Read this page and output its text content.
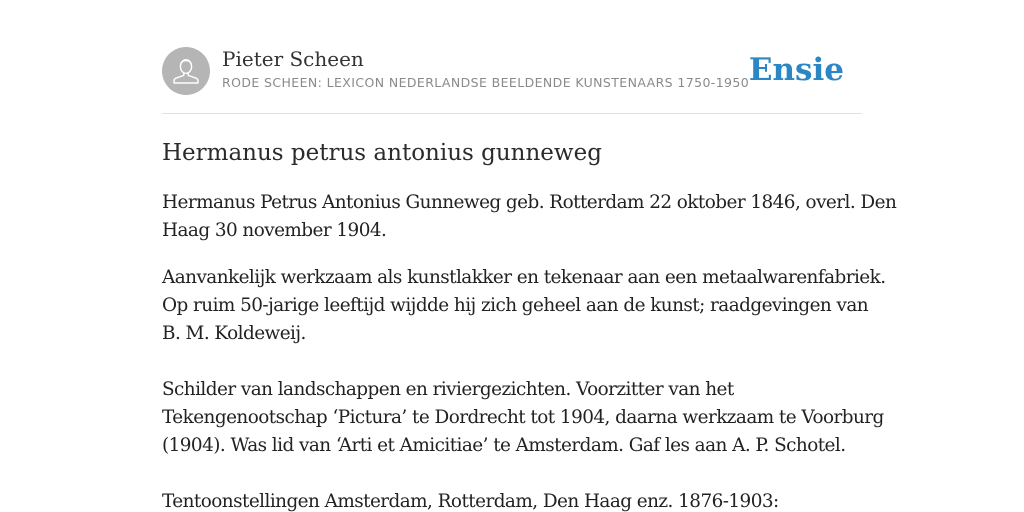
Pieter Scheen
RODE SCHEEN: LEXICON NEDERLANDSE BEELDENDE KUNSTENAARS 1750-1950 Ensie
Hermanus petrus antonius gunneweg
Hermanus Petrus Antonius Gunneweg geb. Rotterdam 22 oktober 1846, overl. Den
Haag 30 november 1904.
Aanvankelijk werkzaam als kunstlakker en tekenaar aan een metaalwarenfabriek.
Op ruim 50-jarige leeftijd wijdde hij zich geheel aan de kunst; raadgevingen van
B. M. Koldeweij.
Schilder van landschappen en riviergezichten. Voorzitter van het
Tekengenootschap ‘Pictura’ te Dordrecht tot 1904, daarna werkzaam te Voorburg
(1904). Was lid van ‘Arti et Amicitiae’ te Amsterdam. Gaf les aan A. P. Schotel.
Tentoonstellingen Amsterdam, Rotterdam, Den Haag enz. 1876-1903:
